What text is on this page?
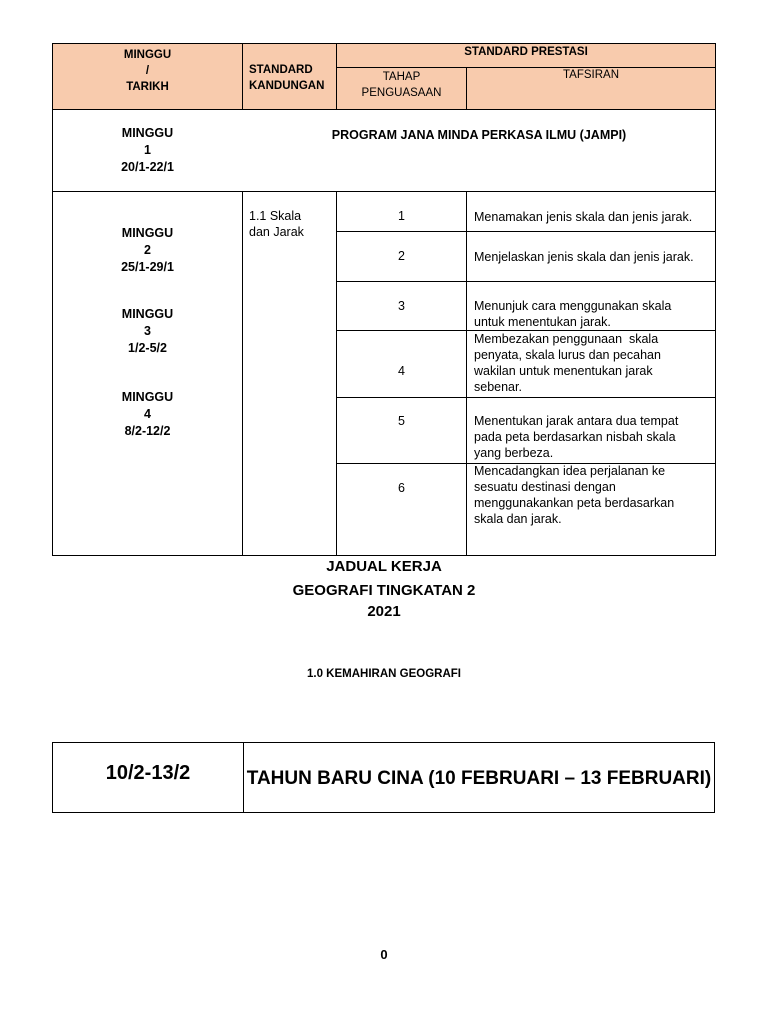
MINGGU
/
TARIKH
STANDARD
KANDUNGAN
STANDARD PRESTASI
TAHAP
PENGUASAAN
TAFSIRAN
MINGGU
1
20/1-22/1
PROGRAM JANA MINDA PERKASA ILMU (JAMPI)
MINGGU
2
25/1-29/1
MINGGU
3
1/2-5/2
MINGGU
4
8/2-12/2
1.1 Skala
dan Jarak
1
2
3
4
5
6
Menamakan jenis skala dan jenis jarak.
Menjelaskan jenis skala dan jenis jarak.
Menunjuk cara menggunakan skala
untuk menentukan jarak.
Membezakan penggunaan  skala
penyata, skala lurus dan pecahan
wakilan untuk menentukan jarak
sebenar.
Menentukan jarak antara dua tempat
pada peta berdasarkan nisbah skala
yang berbeza.
Mencadangkan idea perjalanan ke
sesuatu destinasi dengan
menggunakankan peta berdasarkan
skala dan jarak.
JADUAL KERJA
GEOGRAFI TINGKATAN 2
2021
1.0 KEMAHIRAN GEOGRAFI
10/2-13/2	TAHUN BARU CINA (10 FEBRUARI – 13 FEBRUARI)
0
